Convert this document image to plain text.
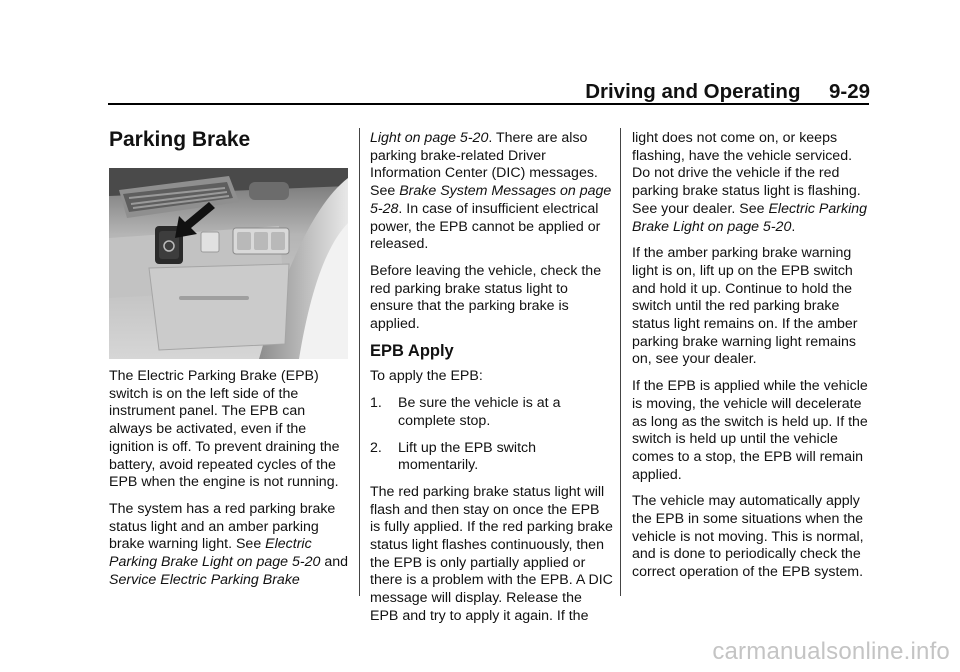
Driving and Operating 9-29
Parking Brake

The Electric Parking Brake (EPB) switch is on the left side of the instrument panel. The EPB can always be activated, even if the ignition is off. To prevent draining the battery, avoid repeated cycles of the EPB when the engine is not running.

The system has a red parking brake status light and an amber parking brake warning light. See Electric Parking Brake Light on page 5-20 and Service Electric Parking Brake

Light on page 5-20. There are also parking brake-related Driver Information Center (DIC) messages. See Brake System Messages on page 5-28. In case of insufficient electrical power, the EPB cannot be applied or released.

Before leaving the vehicle, check the red parking brake status light to ensure that the parking brake is applied.

EPB Apply

To apply the EPB:

1. Be sure the vehicle is at a complete stop.
2. Lift up the EPB switch momentarily.

The red parking brake status light will flash and then stay on once the EPB is fully applied. If the red parking brake status light flashes continuously, then the EPB is only partially applied or there is a problem with the EPB. A DIC message will display. Release the EPB and try to apply it again. If the

light does not come on, or keeps flashing, have the vehicle serviced. Do not drive the vehicle if the red parking brake status light is flashing. See your dealer. See Electric Parking Brake Light on page 5-20.

If the amber parking brake warning light is on, lift up on the EPB switch and hold it up. Continue to hold the switch until the red parking brake status light remains on. If the amber parking brake warning light remains on, see your dealer.

If the EPB is applied while the vehicle is moving, the vehicle will decelerate as long as the switch is held up. If the switch is held up until the vehicle comes to a stop, the EPB will remain applied.

The vehicle may automatically apply the EPB in some situations when the vehicle is not moving. This is normal, and is done to periodically check the correct operation of the EPB system.

carmanualsonline.info
